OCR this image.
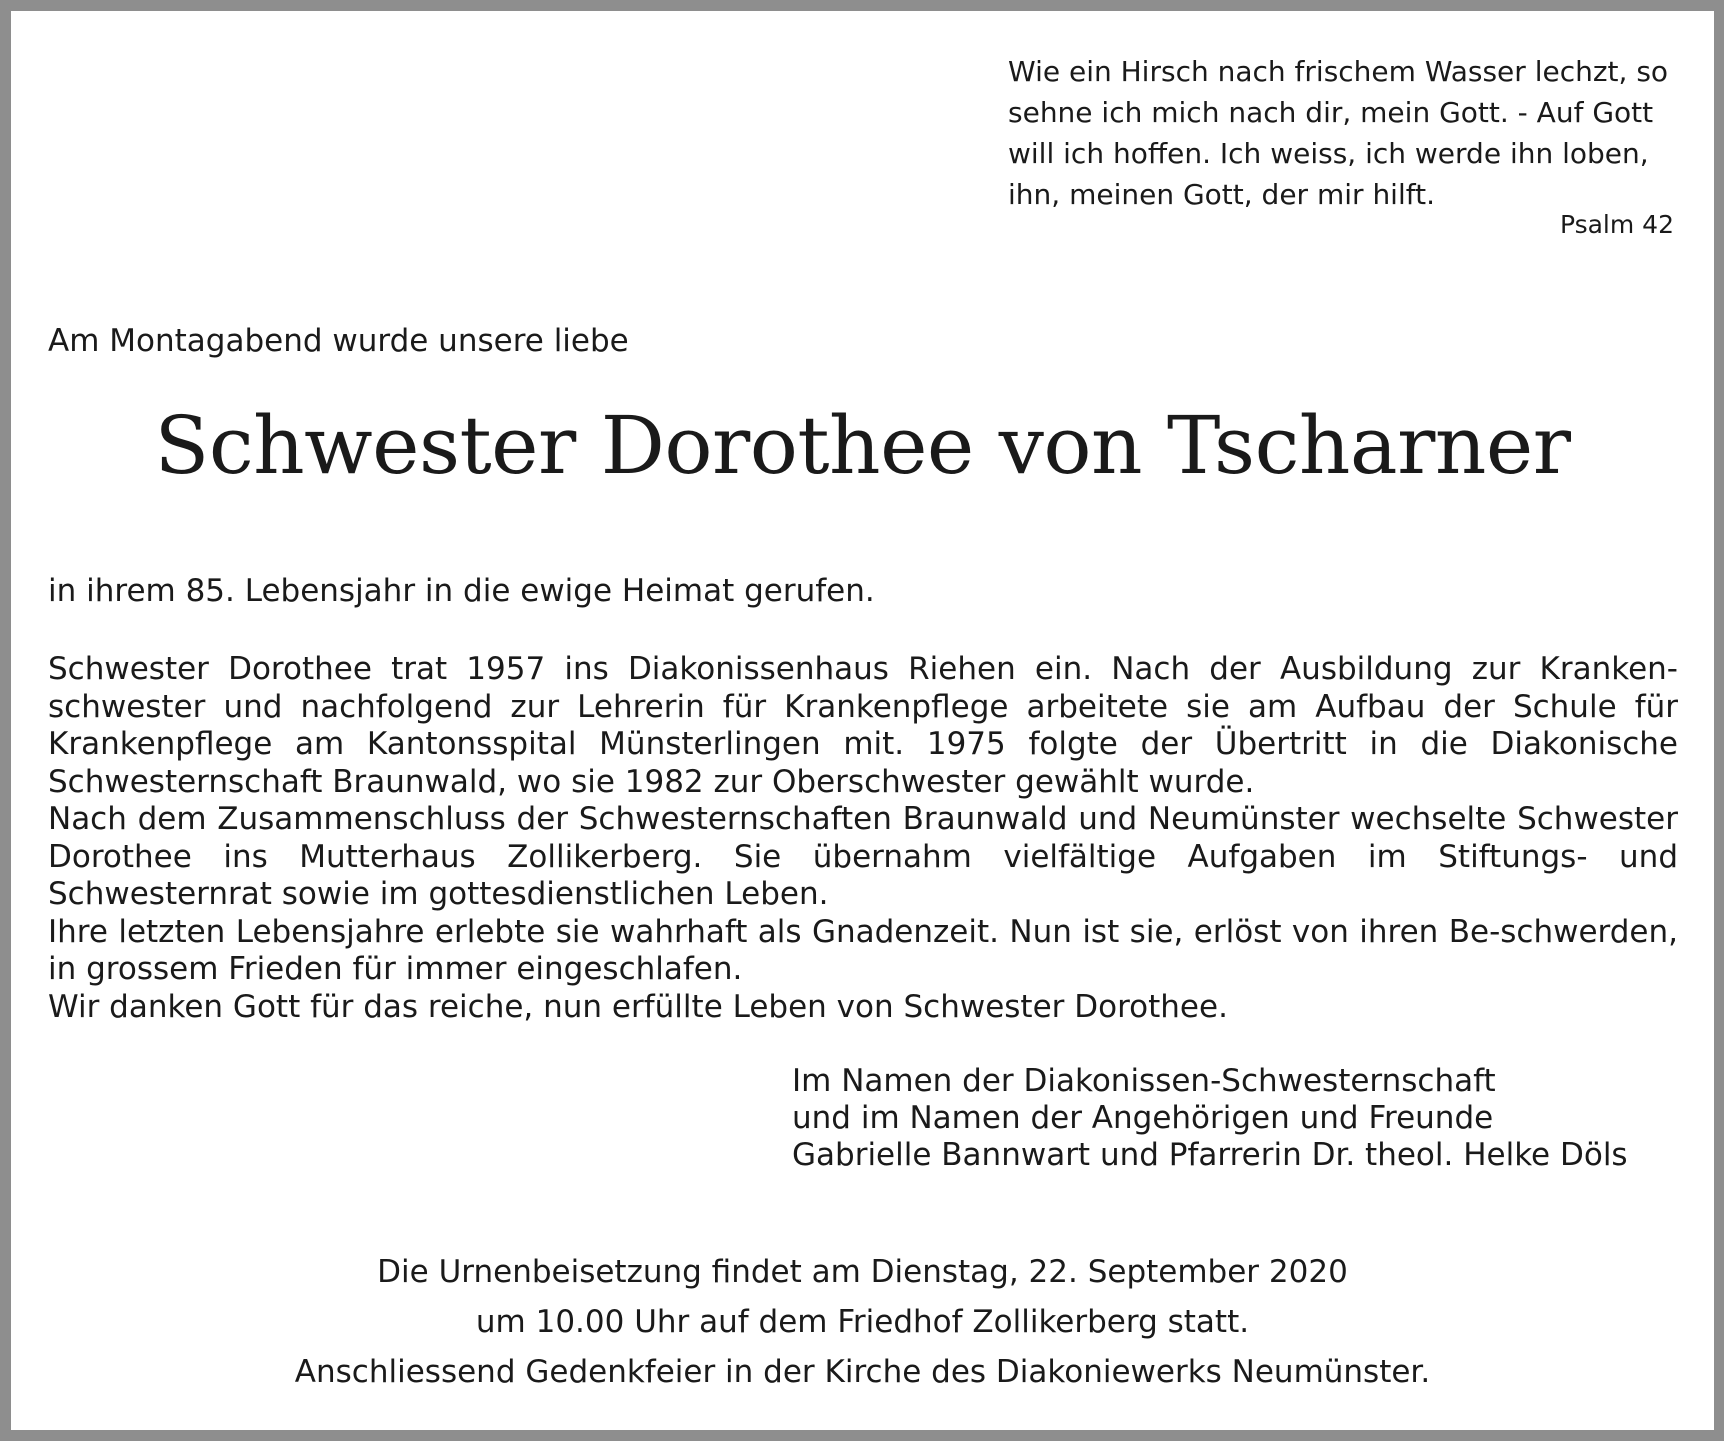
Wie ein Hirsch nach frischem Wasser lechzt, so
sehne ich mich nach dir, mein Gott. - Auf Gott
will ich hoffen. Ich weiss, ich werde ihn loben,
ihn, meinen Gott, der mir hilft.
Psalm 42
Am Montagabend wurde unsere liebe
Schwester Dorothee von Tscharner
in ihrem 85. Lebensjahr in die ewige Heimat gerufen.

Schwester Dorothee trat 1957 ins Diakonissenhaus Riehen ein. Nach der Ausbildung zur Kranken-schwester und nachfolgend zur Lehrerin für Krankenpflege arbeitete sie am Aufbau der Schule für Krankenpflege am Kantonsspital Münsterlingen mit. 1975 folgte der Übertritt in die Diakonische Schwesternschaft Braunwald, wo sie 1982 zur Oberschwester gewählt wurde.

Nach dem Zusammenschluss der Schwesternschaften Braunwald und Neumünster wechselte Schwester Dorothee ins Mutterhaus Zollikerberg. Sie übernahm vielfältige Aufgaben im Stiftungs- und Schwesternrat sowie im gottesdienstlichen Leben.

Ihre letzten Lebensjahre erlebte sie wahrhaft als Gnadenzeit. Nun ist sie, erlöst von ihren Be-schwerden, in grossem Frieden für immer eingeschlafen.

Wir danken Gott für das reiche, nun erfüllte Leben von Schwester Dorothee.

Im Namen der Diakonissen-Schwesternschaft
und im Namen der Angehörigen und Freunde
Gabrielle Bannwart und Pfarrerin Dr. theol. Helke Döls
Die Urnenbeisetzung findet am Dienstag, 22. September 2020
um 10.00 Uhr auf dem Friedhof Zollikerberg statt.
Anschliessend Gedenkfeier in der Kirche des Diakoniewerks Neumünster.
